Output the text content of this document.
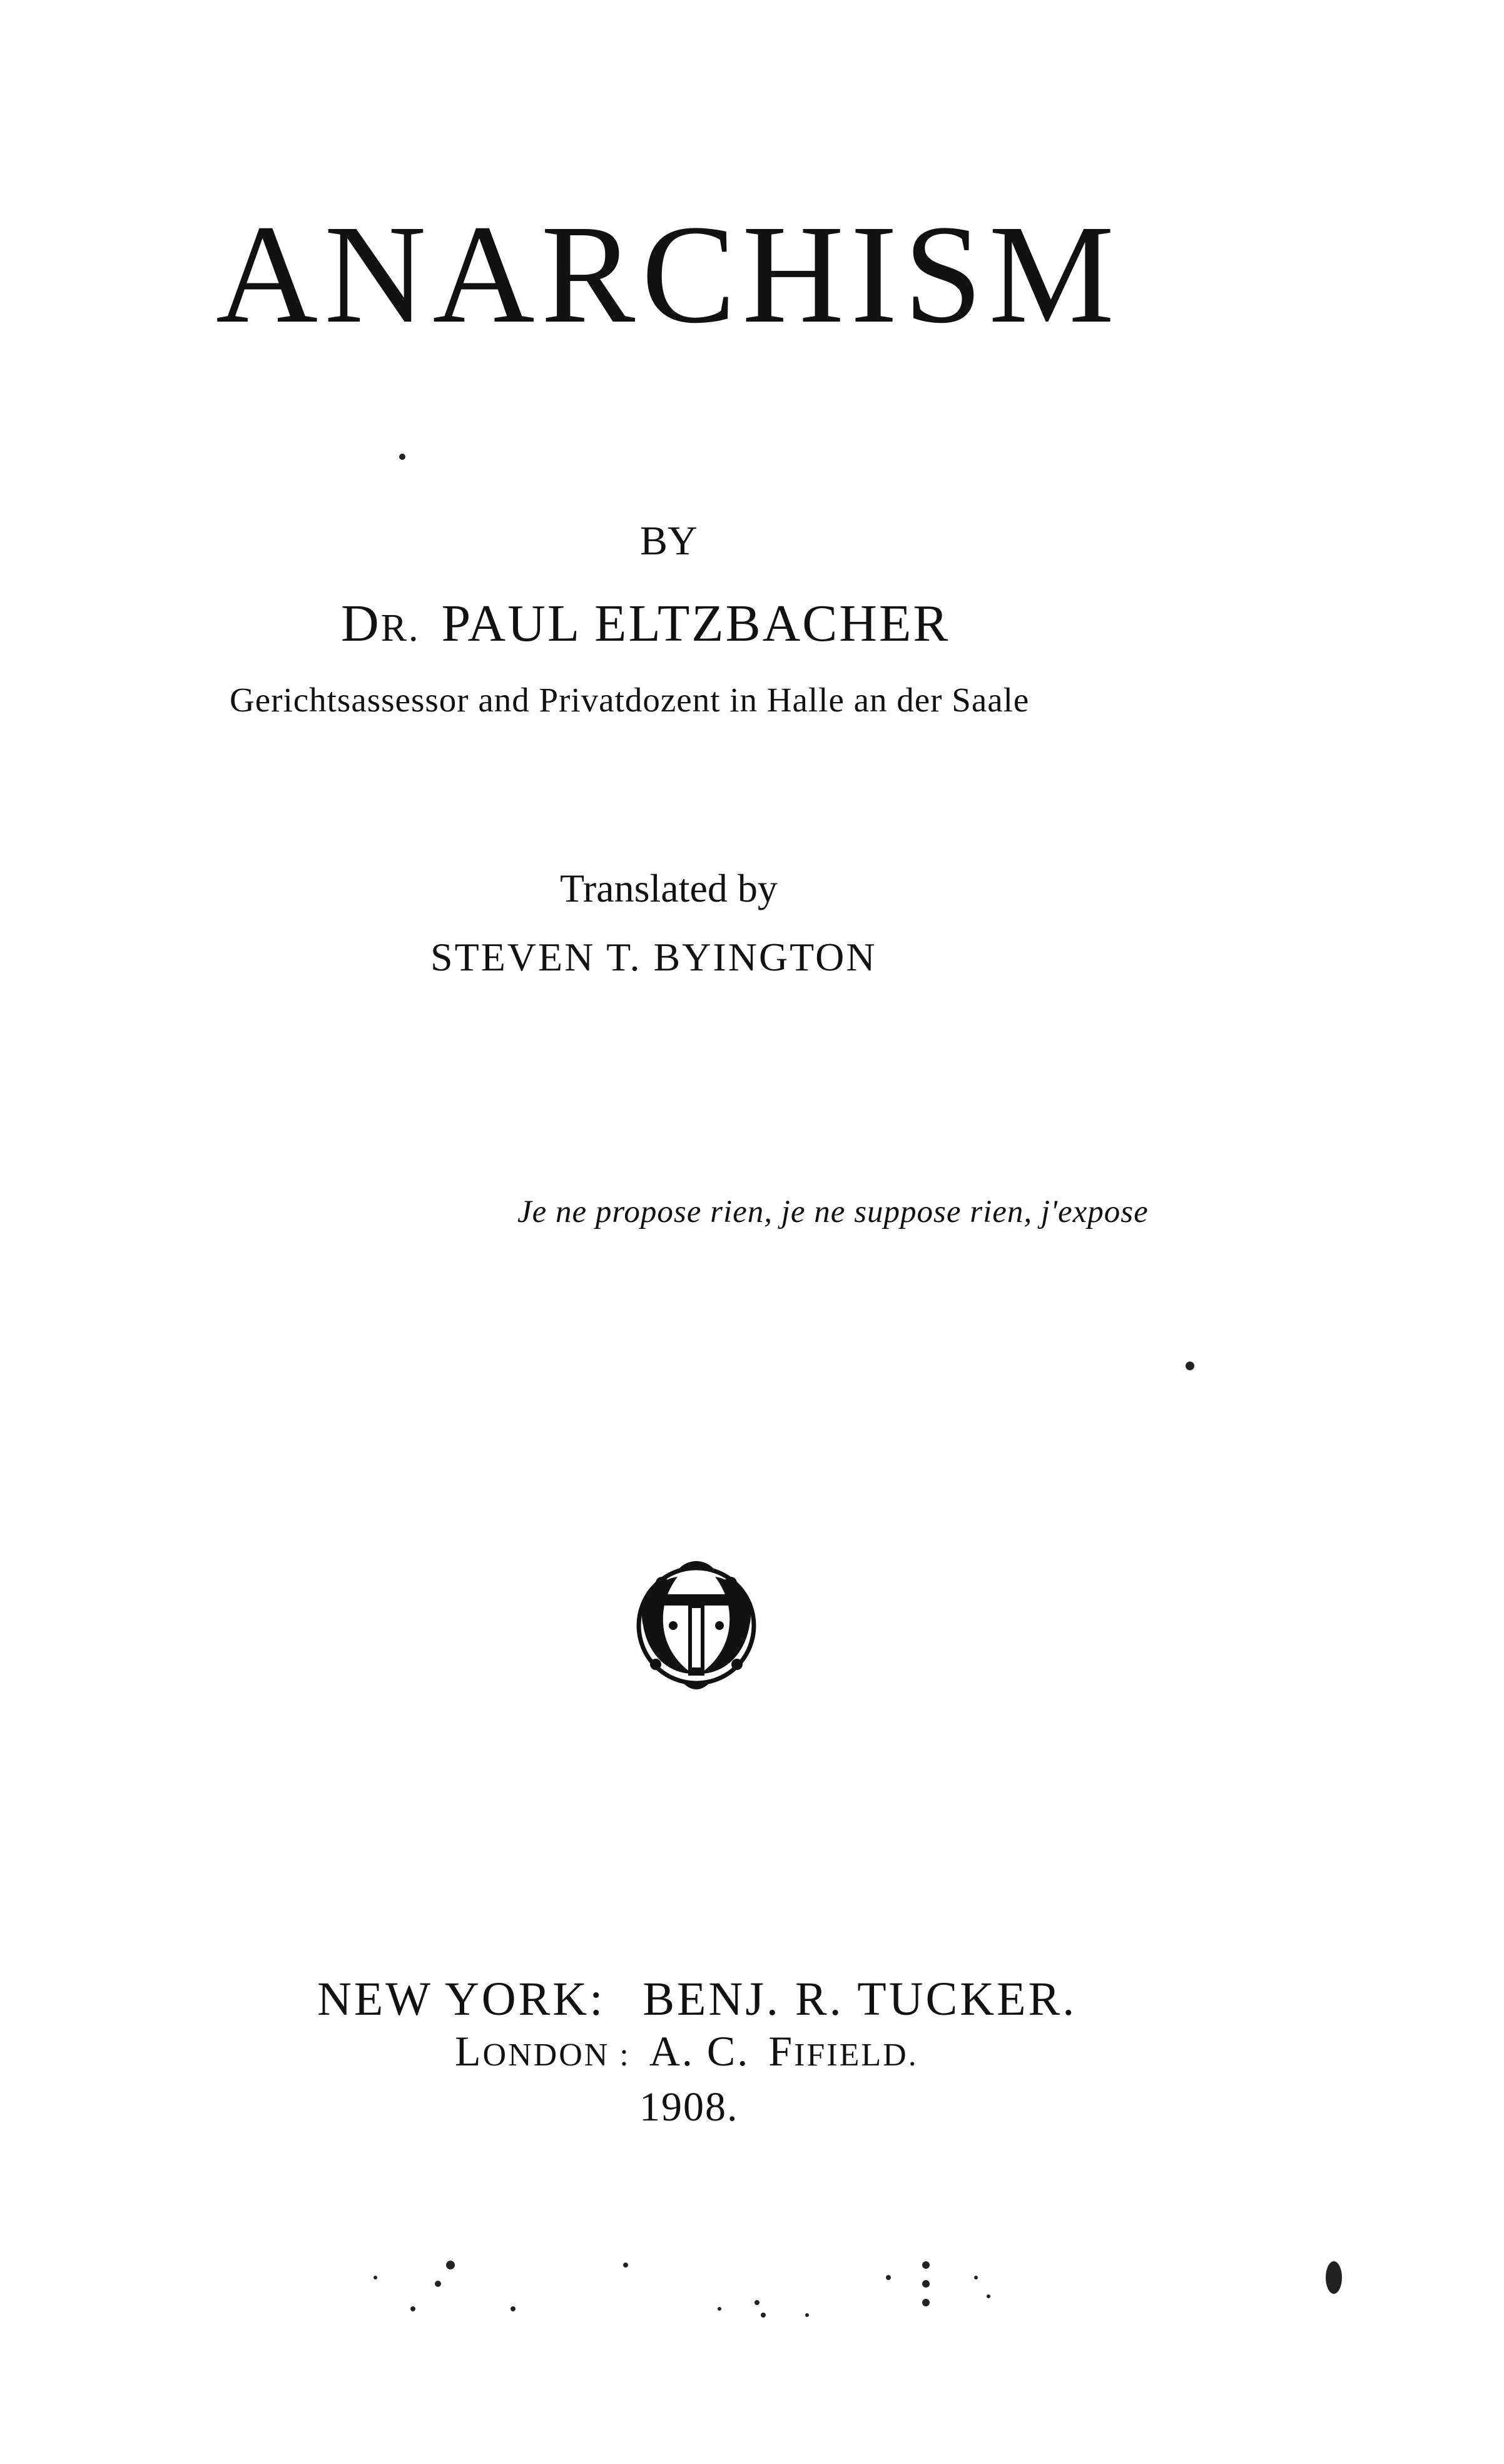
ANARCHISM
BY
DR. PAUL ELTZBACHER
Gerichtsassessor and Privatdozent in Halle an der Saale
Translated by
STEVEN T. BYINGTON
Je ne propose rien, je ne suppose rien, j'expose
NEW YORK: BENJ. R. TUCKER.
LONDON : A. C. FIFIELD.
1908.
